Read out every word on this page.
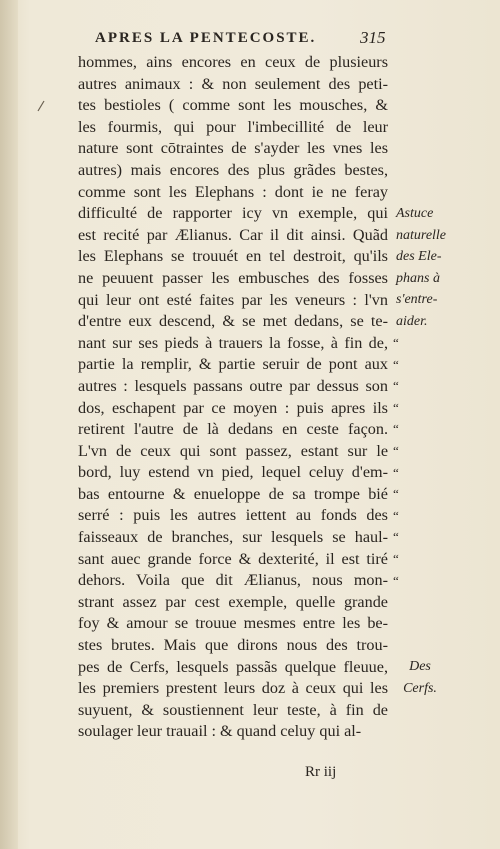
APRES LA PENTECOSTE.	315
hommes, ains encores en ceux de plusieurs
autres animaux : & non seulement des peti-
tes bestioles ( comme sont les mousches, &
les fourmis, qui pour l'imbecillité de leur
nature sont cōtraintes de s'ayder les vnes les
autres) mais encores des plus grãdes bestes,
comme sont les Elephans : dont ie ne feray
difficulté de rapporter icy vn exemple, qui
est recité par Ælianus. Car il dit ainsi. Quãd
les Elephans se trouuét en tel destroit, qu'ils
ne peuuent passer les embusches des fosses
qui leur ont esté faites par les veneurs : l'vn
d'entre eux descend, & se met dedans, se te-
nant sur ses pieds à trauers la fosse, à fin de,
partie la remplir, & partie seruir de pont aux
autres : lesquels passans outre par dessus son
dos, eschapent par ce moyen : puis apres ils
retirent l'autre de là dedans en ceste façon.
L'vn de ceux qui sont passez, estant sur le
bord, luy estend vn pied, lequel celuy d'em-
bas entourne & enueloppe de sa trompe bié
serré : puis les autres iettent au fonds des
faisseaux de branches, sur lesquels se haul-
sant auec grande force & dexterité, il est tiré
dehors. Voila que dit Ælianus, nous mon-
strant assez par cest exemple, quelle grande
foy & amour se trouue mesmes entre les be-
stes brutes. Mais que dirons nous des trou-
pes de Cerfs, lesquels passãs quelque fleuue,
les premiers prestent leurs doz à ceux qui les
suyuent, & soustiennent leur teste, à fin de
soulager leur trauail : & quand celuy qui al-
“
“
“
“
“
“
“
“
“
“
“
“
Astuce
naturelle
des Ele-
phans à
s'entre-
aider.
Des
Cerfs.
Rr iij
